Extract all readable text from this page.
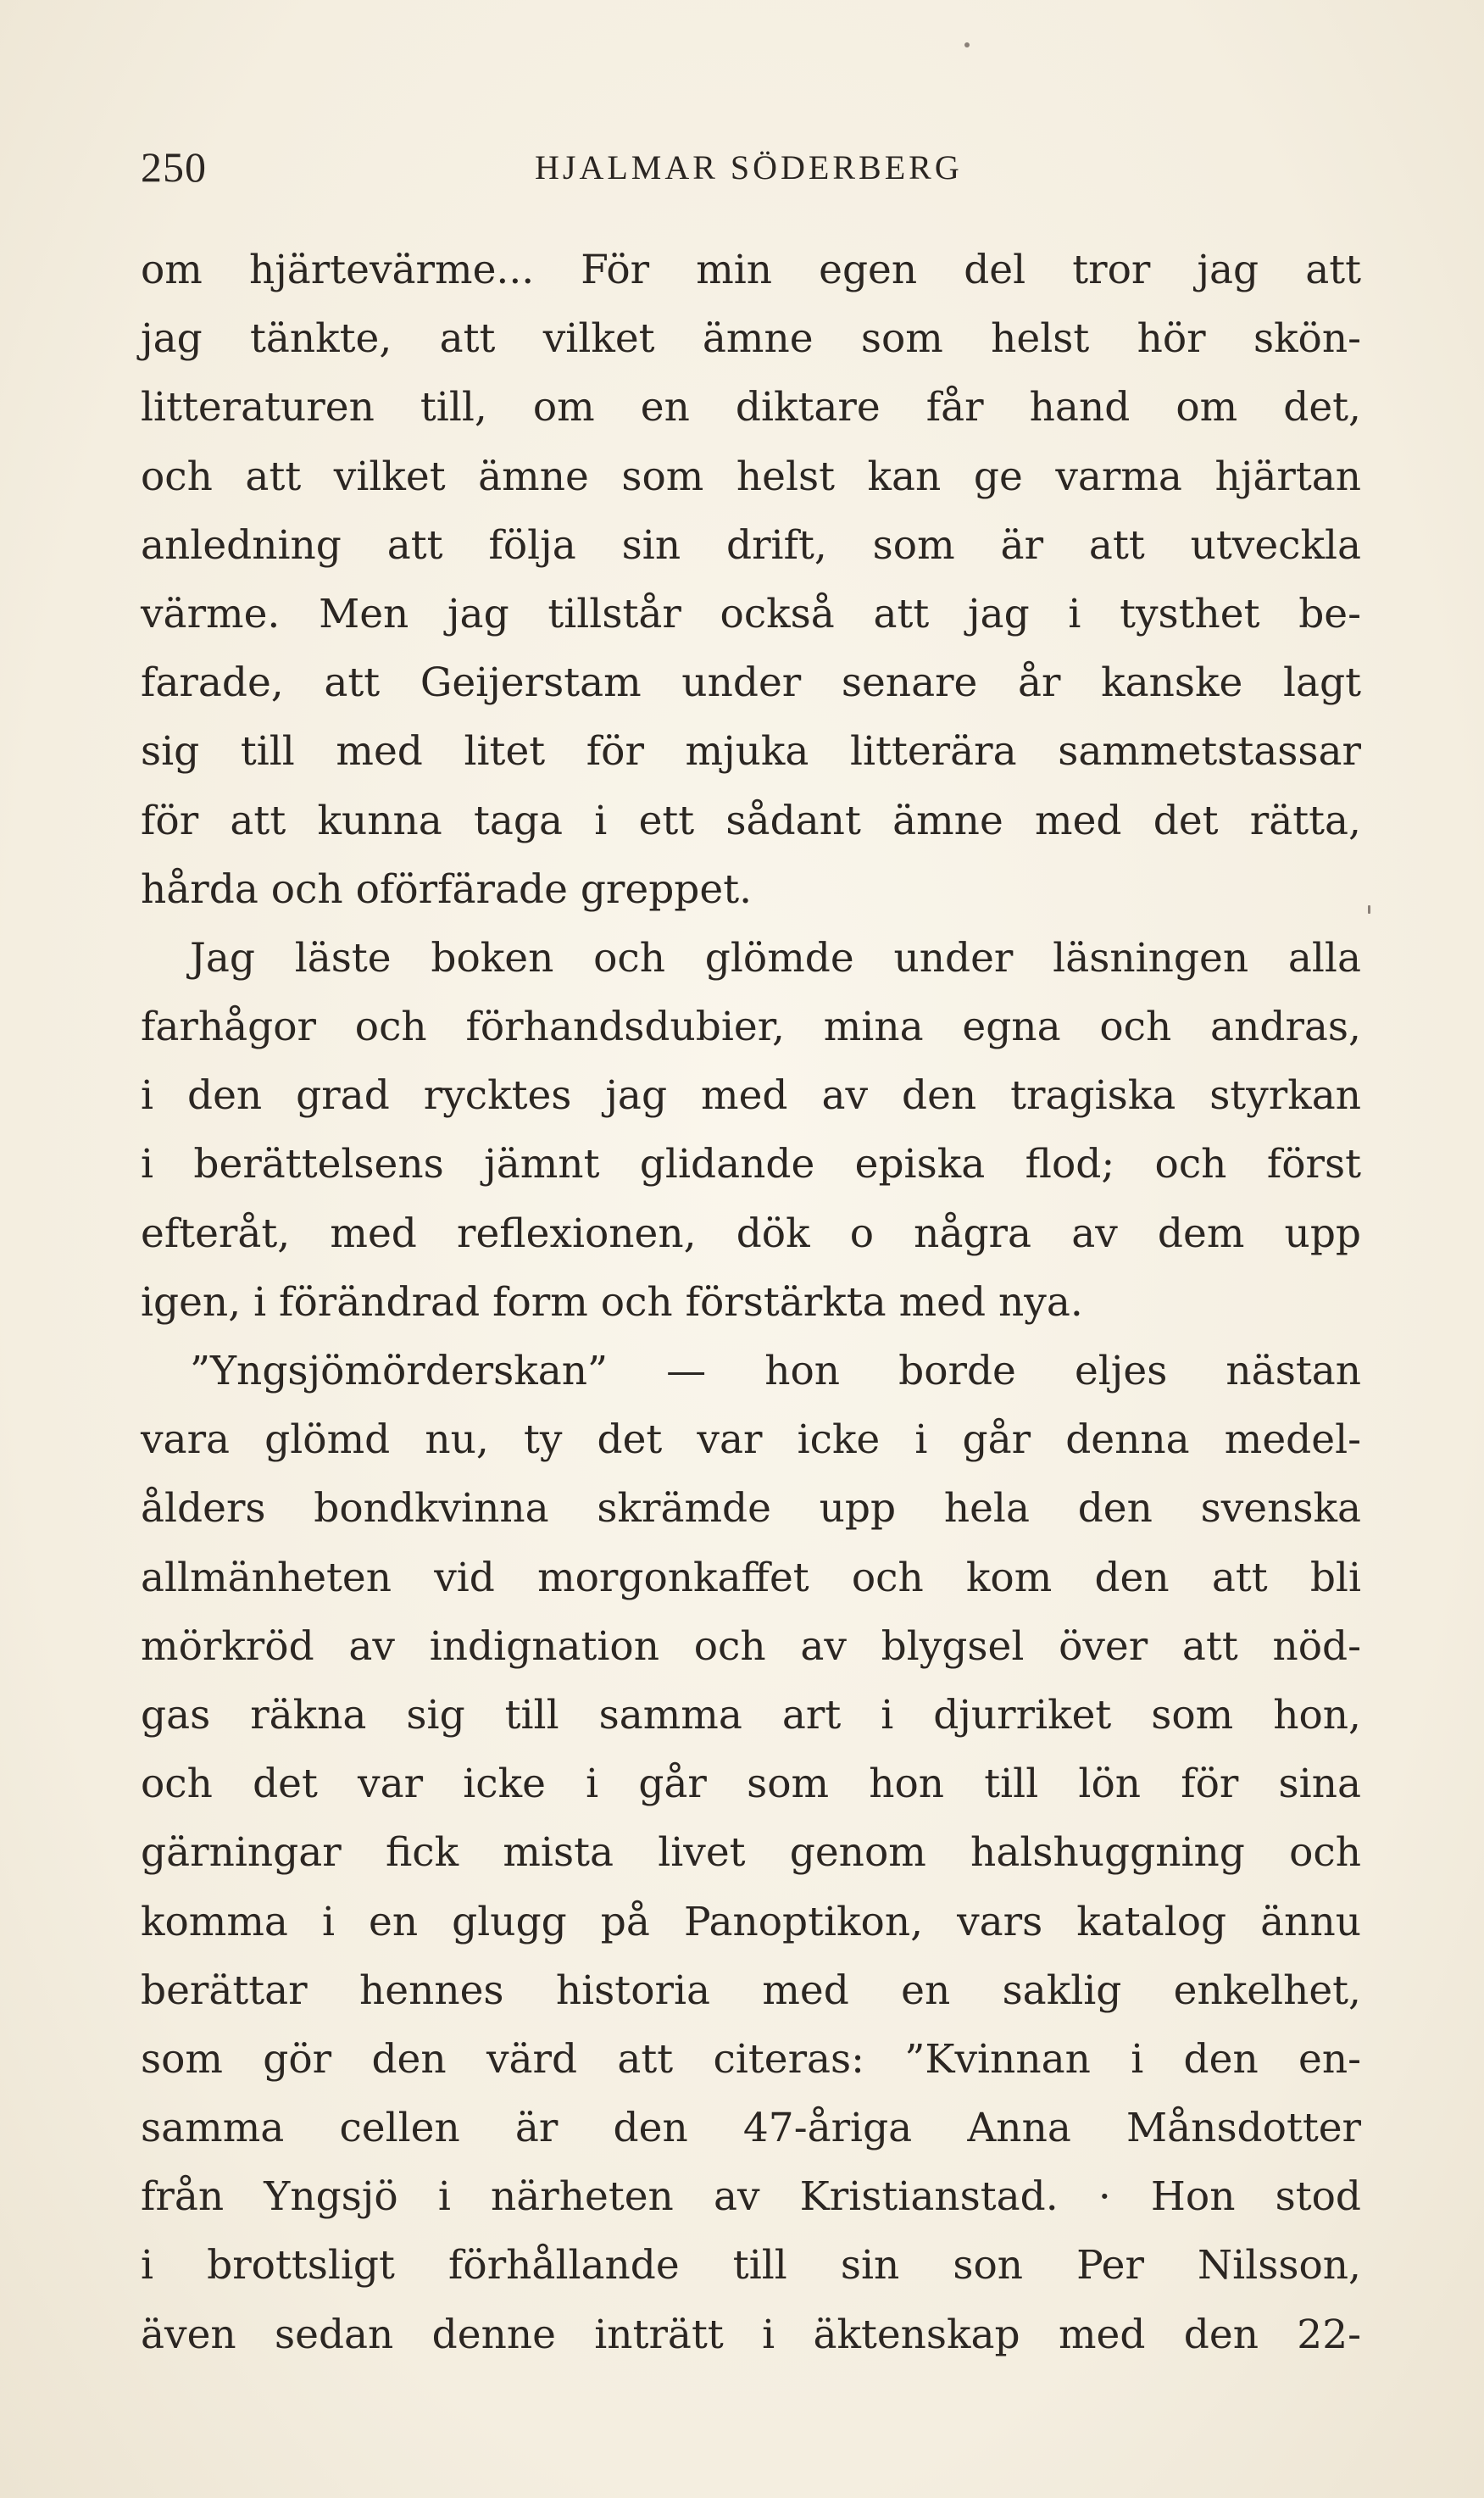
250	HJALMAR SÖDERBERG
om hjärtevärme... För min egen del tror jag att
jag tänkte, att vilket ämne som helst hör skön-
litteraturen till, om en diktare får hand om det,
och att vilket ämne som helst kan ge varma hjärtan
anledning att följa sin drift, som är att utveckla
värme. Men jag tillstår också att jag i tysthet be-
farade, att Geijerstam under senare år kanske lagt
sig till med litet för mjuka litterära sammetstassar
för att kunna taga i ett sådant ämne med det rätta,
hårda och oförfärade greppet.
Jag läste boken och glömde under läsningen alla
farhågor och förhandsdubier, mina egna och andras,
i den grad rycktes jag med av den tragiska styrkan
i berättelsens jämnt glidande episka flod; och först
efteråt, med reflexionen, dök o några av dem upp
igen, i förändrad form och förstärkta med nya.
”Yngsjömörderskan” — hon borde eljes nästan
vara glömd nu, ty det var icke i går denna medel-
ålders bondkvinna skrämde upp hela den svenska
allmänheten vid morgonkaffet och kom den att bli
mörkröd av indignation och av blygsel över att nöd-
gas räkna sig till samma art i djurriket som hon,
och det var icke i går som hon till lön för sina
gärningar fick mista livet genom halshuggning och
komma i en glugg på Panoptikon, vars katalog ännu
berättar hennes historia med en saklig enkelhet,
som gör den värd att citeras: ”Kvinnan i den en-
samma cellen är den 47-åriga Anna Månsdotter
från Yngsjö i närheten av Kristianstad. · Hon stod
i brottsligt förhållande till sin son Per Nilsson,
även sedan denne inträtt i äktenskap med den 22-
